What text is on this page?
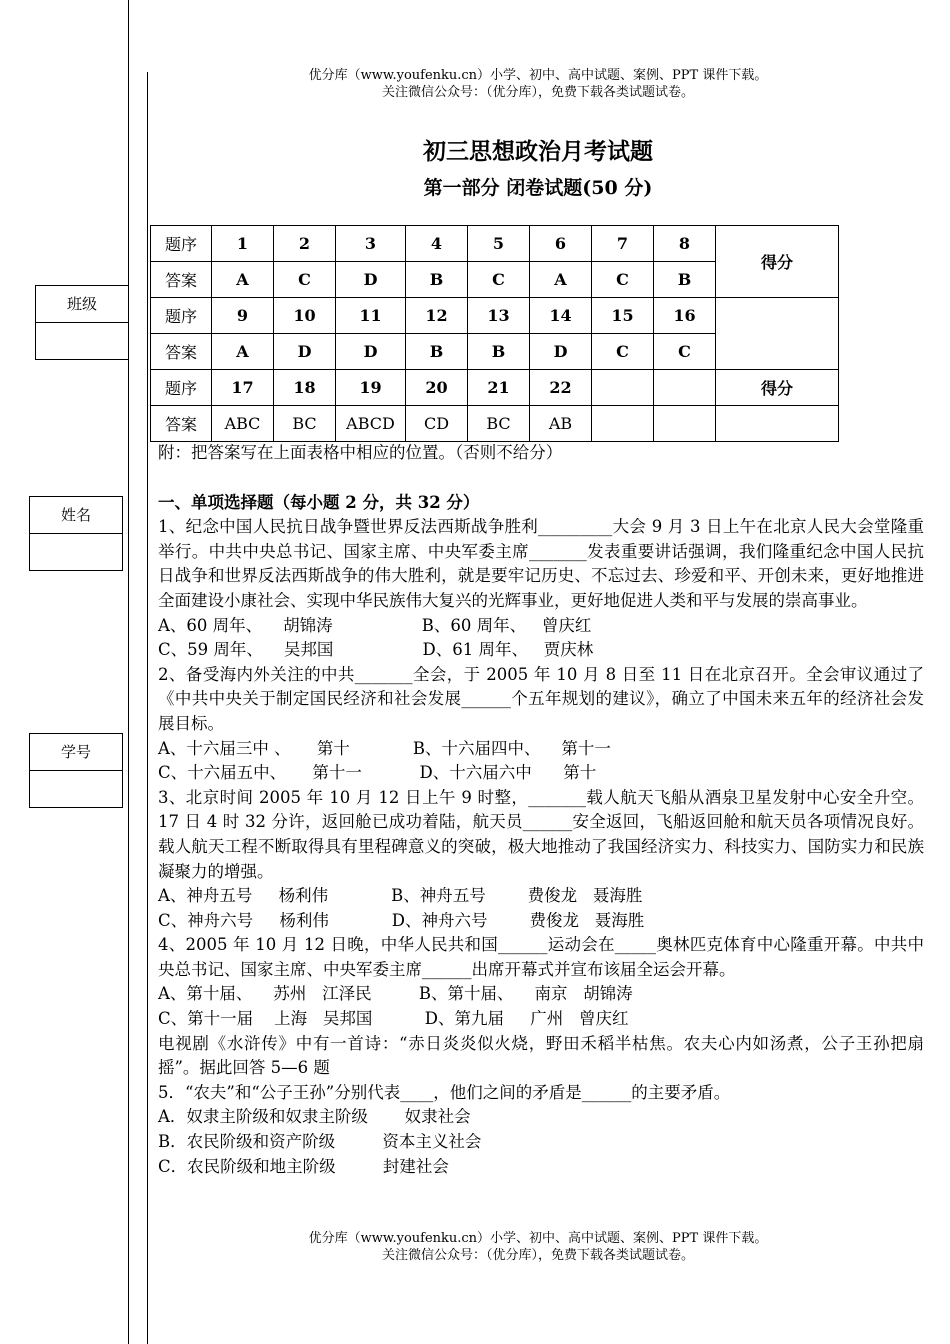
班级
姓名
学号
优分库（www.youfenku.cn）小学、初中、高中试题、案例、PPT 课件下载。
关注微信公众号：（优分库），免费下载各类试题试卷。
初三思想政治月考试题
第一部分 闭卷试题(50 分)
题序	1	2	3	4	5	6	7	8	得分
答案	A	C	D	B	C	A	C	B	
题序	9	10	11	12	13	14	15	16	
答案	A	D	D	B	B	D	C	C	
题序	17	18	19	20	21	22			得分
答案	ABC	BC	ABCD	CD	BC	AB			

附：把答案写在上面表格中相应的位置。（否则不给分）

一、单项选择题（每小题 2 分，共 32 分）

1、纪念中国人民抗日战争暨世界反法西斯战争胜利_________大会 9 月 3 日上午在北京人民大会堂隆重举行。中共中央总书记、国家主席、中央军委主席_______发表重要讲话强调，我们隆重纪念中国人民抗日战争和世界反法西斯战争的伟大胜利，就是要牢记历史、不忘过去、珍爱和平、开创未来，更好地推进全面建设小康社会、实现中华民族伟大复兴的光辉事业，更好地促进人类和平与发展的崇高事业。

A、60 周年、    胡锦涛                 B、60 周年、   曾庆红

C、59 周年、    吴邦国                 D、61 周年、   贾庆林

2、备受海内外关注的中共_______全会，于 2005 年 10 月 8 日至 11 日在北京召开。全会审议通过了《中共中央关于制定国民经济和社会发展______个五年规划的建议》，确立了中国未来五年的经济社会发展目标。

A、十六届三中 、     第十            B、十六届四中、    第十一

C、十六届五中、     第十一           D、十六届六中      第十

3、北京时间 2005 年 10 月 12 日上午 9 时整，_______载人航天飞船从酒泉卫星发射中心安全升空。17 日 4 时 32 分许，返回舱已成功着陆，航天员______安全返回，飞船返回舱和航天员各项情况良好。载人航天工程不断取得具有里程碑意义的突破，极大地推动了我国经济实力、科技实力、国防实力和民族凝聚力的增强。

A、神舟五号     杨利伟            B、神舟五号        费俊龙   聂海胜

C、神舟六号     杨利伟            D、神舟六号        费俊龙   聂海胜

4、2005 年 10 月 12 日晚，中华人民共和国______运动会在_____奥林匹克体育中心隆重开幕。中共中央总书记、国家主席、中央军委主席______出席开幕式并宣布该届全运会开幕。

A、第十届、    苏州   江泽民         B、第十届、    南京   胡锦涛

C、第十一届    上海   吴邦国          D、第九届     广州   曾庆红

电视剧《水浒传》中有一首诗：“赤日炎炎似火烧，野田禾稻半枯焦。农夫心内如汤煮，公子王孙把扇摇”。据此回答 5—6 题

5．“农夫”和“公子王孙”分别代表____，他们之间的矛盾是______的主要矛盾。

A．奴隶主阶级和奴隶主阶级       奴隶社会

B．农民阶级和资产阶级         资本主义社会

C．农民阶级和地主阶级         封建社会

优分库（www.youfenku.cn）小学、初中、高中试题、案例、PPT 课件下载。
关注微信公众号：（优分库），免费下载各类试题试卷。
